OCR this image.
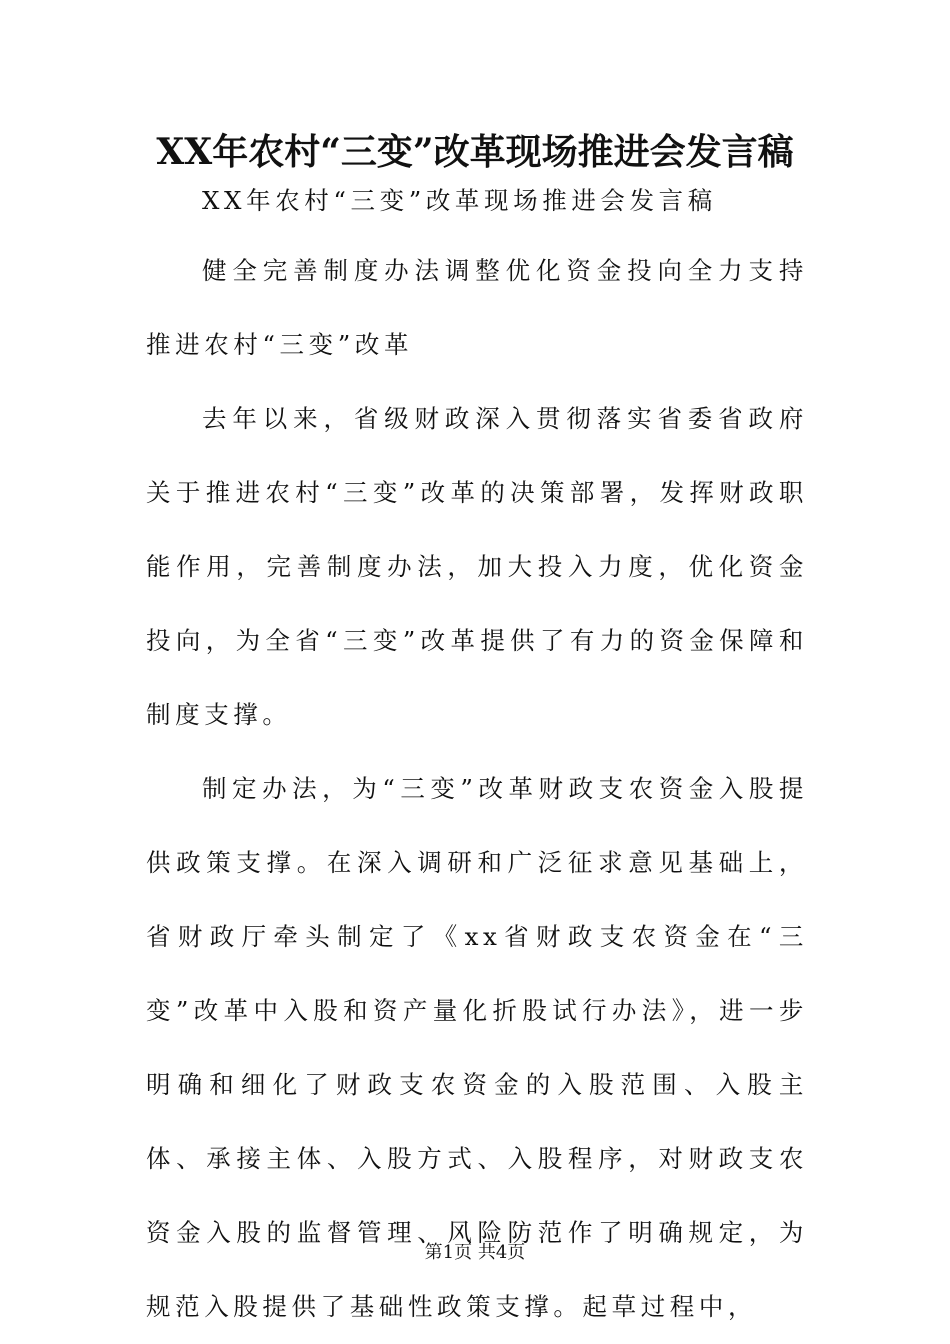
XX年农村“三变”改革现场推进会发言稿

XX年农村“三变”改革现场推进会发言稿

健全完善制度办法调整优化资金投向全力支持推进农村“三变”改革

去年以来，省级财政深入贯彻落实省委省政府关于推进农村“三变”改革的决策部署，发挥财政职能作用，完善制度办法，加大投入力度，优化资金投向，为全省“三变”改革提供了有力的资金保障和制度支撑。

制定办法，为“三变”改革财政支农资金入股提供政策支撑。在深入调研和广泛征求意见基础上，省财政厅牵头制定了《xx省财政支农资金在“三变”改革中入股和资产量化折股试行办法》，进一步明确和细化了财政支农资金的入股范围、入股主体、承接主体、入股方式、入股程序，对财政支农资金入股的监督管理、风险防范作了明确规定，为规范入股提供了基础性政策支撑。起草过程中，

第1页 共4页
